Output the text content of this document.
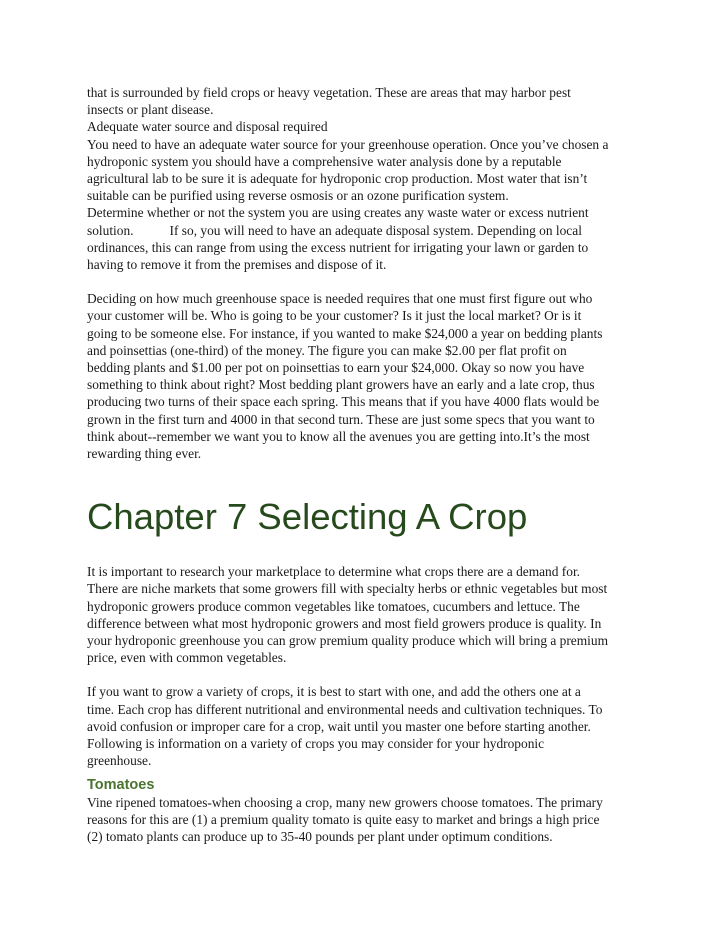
that is surrounded by field crops or heavy vegetation. These are areas that may harbor pest
insects or plant disease.
Adequate water source and disposal required
You need to have an adequate water source for your greenhouse operation. Once you’ve chosen a
hydroponic system you should have a comprehensive water analysis done by a reputable
agricultural lab to be sure it is adequate for hydroponic crop production. Most water that isn’t
suitable can be purified using reverse osmosis or an ozone purification system.
Determine whether or not the system you are using creates any waste water or excess nutrient
solution.	If so, you will need to have an adequate disposal system. Depending on local
ordinances, this can range from using the excess nutrient for irrigating your lawn or garden to
having to remove it from the premises and dispose of it.
Deciding on how much greenhouse space is needed requires that one must first figure out who
your customer will be. Who is going to be your customer? Is it just the local market? Or is it
going to be someone else. For instance, if you wanted to make $24,000 a year on bedding plants
and poinsettias (one-third) of the money. The figure you can make $2.00 per flat profit on
bedding plants and $1.00 per pot on poinsettias to earn your $24,000. Okay so now you have
something to think about right? Most bedding plant growers have an early and a late crop, thus
producing two turns of their space each spring. This means that if you have 4000 flats would be
grown in the first turn and 4000 in that second turn. These are just some specs that you want to
think about--remember we want you to know all the avenues you are getting into.It’s the most
rewarding thing ever.
Chapter 7 Selecting A Crop
It is important to research your marketplace to determine what crops there are a demand for.
There are niche markets that some growers fill with specialty herbs or ethnic vegetables but most
hydroponic growers produce common vegetables like tomatoes, cucumbers and lettuce. The
difference between what most hydroponic growers and most field growers produce is quality. In
your hydroponic greenhouse you can grow premium quality produce which will bring a premium
price, even with common vegetables.
If you want to grow a variety of crops, it is best to start with one, and add the others one at a
time. Each crop has different nutritional and environmental needs and cultivation techniques. To
avoid confusion or improper care for a crop, wait until you master one before starting another.
Following is information on a variety of crops you may consider for your hydroponic
greenhouse.
Tomatoes
Vine ripened tomatoes-when choosing a crop, many new growers choose tomatoes. The primary
reasons for this are (1) a premium quality tomato is quite easy to market and brings a high price
(2) tomato plants can produce up to 35-40 pounds per plant under optimum conditions.
